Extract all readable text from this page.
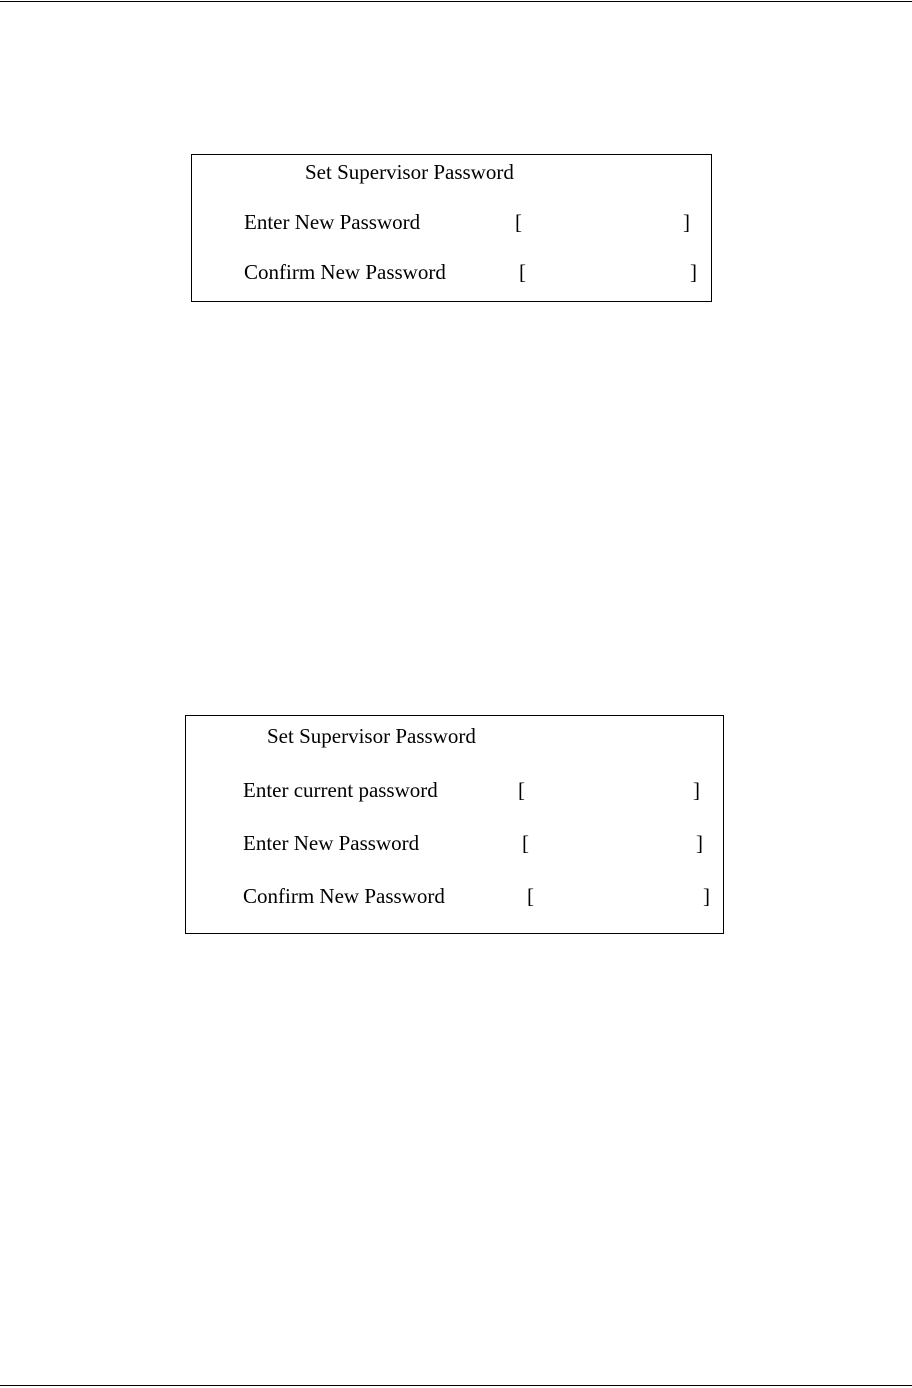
Set Supervisor Password
Enter New Password	[	]
Confirm New Password	[	]
Set Supervisor Password
Enter current password	[	]
Enter New Password	[	]
Confirm New Password	[	]
